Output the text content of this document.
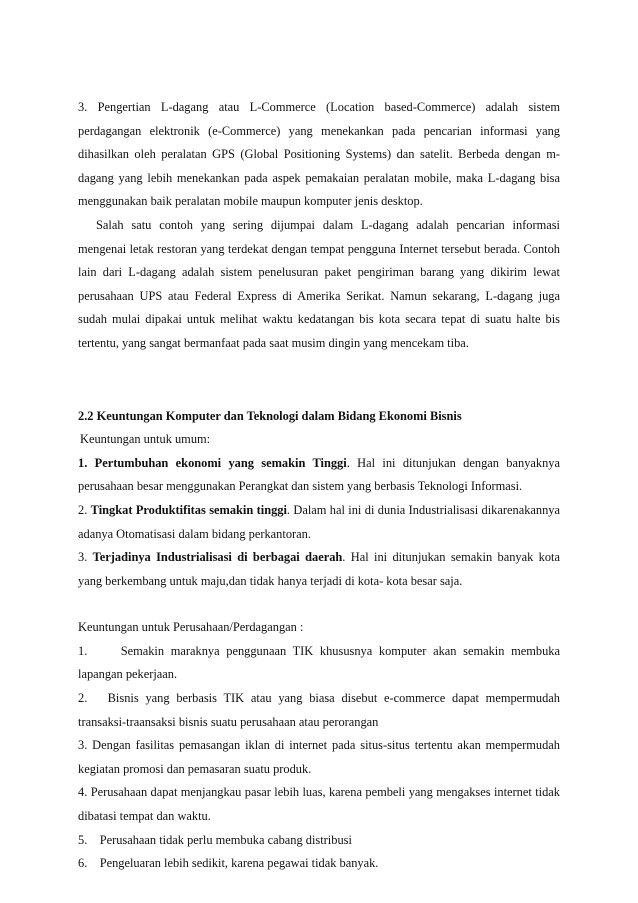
3. Pengertian L-dagang atau L-Commerce (Location based-Commerce) adalah sistem perdagangan elektronik (e-Commerce) yang menekankan pada pencarian informasi yang dihasilkan oleh peralatan GPS (Global Positioning Systems) dan satelit. Berbeda dengan m-dagang yang lebih menekankan pada aspek pemakaian peralatan mobile, maka L-dagang bisa menggunakan baik peralatan mobile maupun komputer jenis desktop.

Salah satu contoh yang sering dijumpai dalam L-dagang adalah pencarian informasi mengenai letak restoran yang terdekat dengan tempat pengguna Internet tersebut berada. Contoh lain dari L-dagang adalah sistem penelusuran paket pengiriman barang yang dikirim lewat perusahaan UPS atau Federal Express di Amerika Serikat. Namun sekarang, L-dagang juga sudah mulai dipakai untuk melihat waktu kedatangan bis kota secara tepat di suatu halte bis tertentu, yang sangat bermanfaat pada saat musim dingin yang mencekam tiba.

2.2 Keuntungan Komputer dan Teknologi dalam Bidang Ekonomi Bisnis

Keuntungan untuk umum:

1. Pertumbuhan ekonomi yang semakin Tinggi. Hal ini ditunjukan dengan banyaknya perusahaan besar menggunakan Perangkat dan sistem yang berbasis Teknologi Informasi.

2. Tingkat Produktifitas semakin tinggi. Dalam hal ini di dunia Industrialisasi dikarenakannya adanya Otomatisasi dalam bidang perkantoran.

3. Terjadinya Industrialisasi di berbagai daerah. Hal ini ditunjukan semakin banyak kota yang berkembang untuk maju,dan tidak hanya terjadi di kota- kota besar saja.

Keuntungan untuk Perusahaan/Perdagangan :

1.	Semakin maraknya penggunaan TIK khususnya komputer akan semakin membuka lapangan pekerjaan.

2. Bisnis yang berbasis TIK atau yang biasa disebut e-commerce dapat mempermudah transaksi-traansaksi bisnis suatu perusahaan atau perorangan

3. Dengan fasilitas pemasangan iklan di internet pada situs-situs tertentu akan mempermudah kegiatan promosi dan pemasaran suatu produk.

4. Perusahaan dapat menjangkau pasar lebih luas, karena pembeli yang mengakses internet tidak dibatasi tempat dan waktu.

5. Perusahaan tidak perlu membuka cabang distribusi

6. Pengeluaran lebih sedikit, karena pegawai tidak banyak.
